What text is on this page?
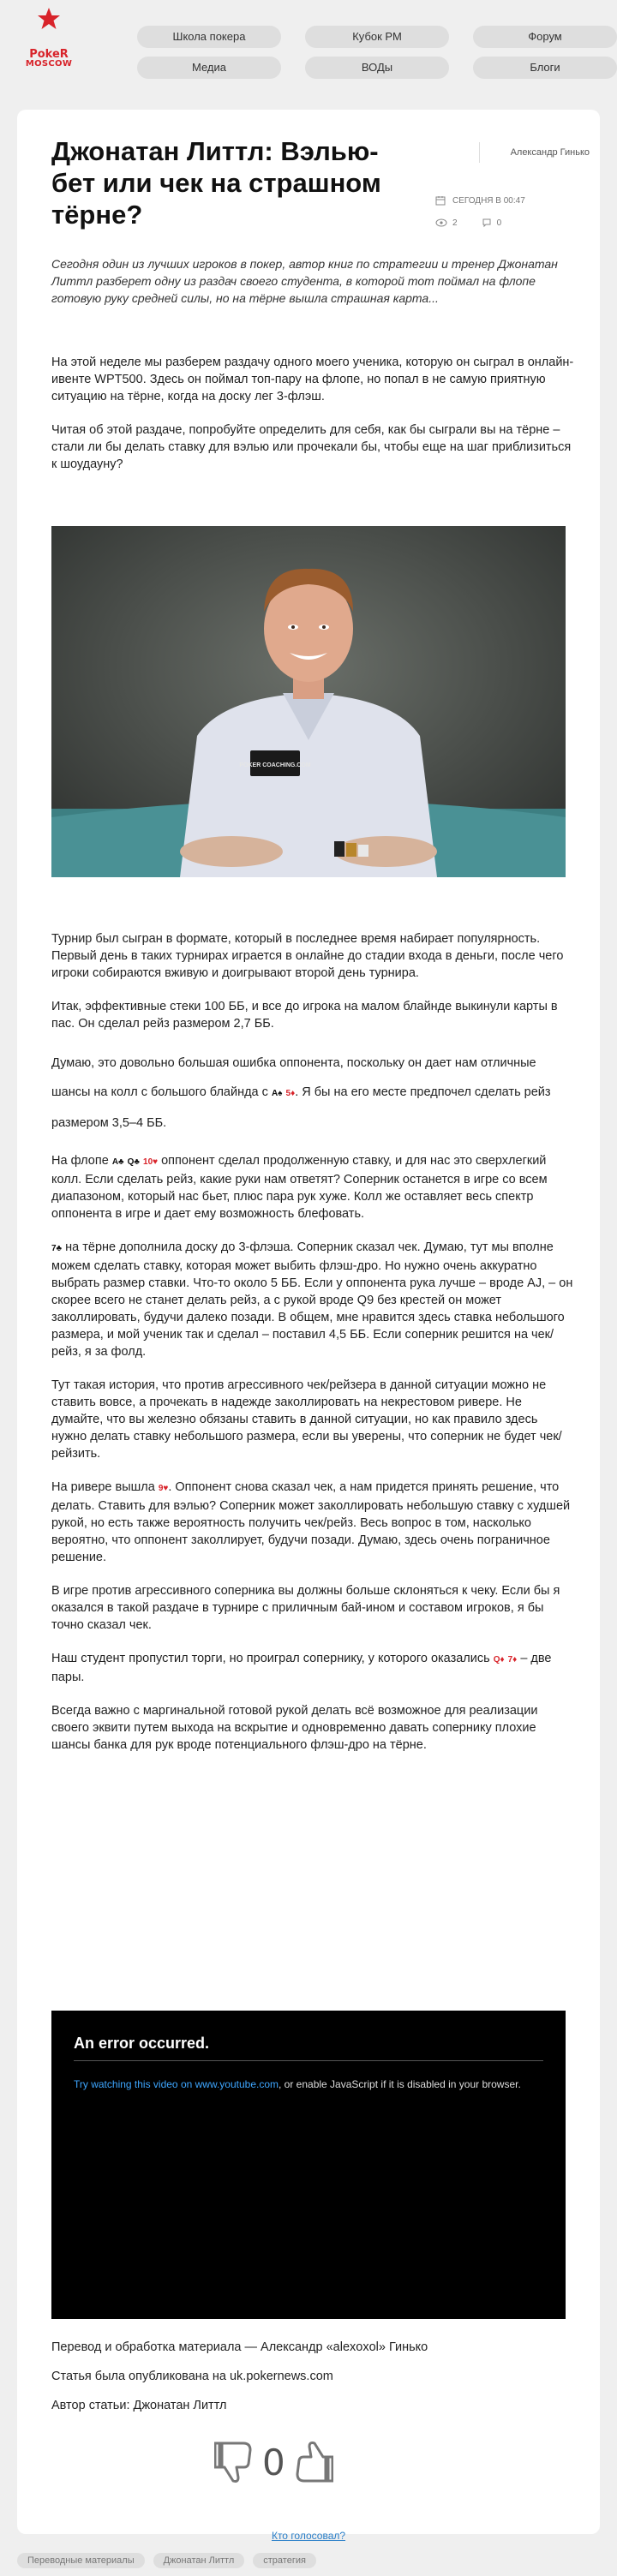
PokeR
MOSCOW
Школа покера	Кубок РМ	Форум
Медиа	ВОДы	Блоги
Джонатан Литтл: Вэлью-бет или чек на страшном тёрне?
Александр Гинько
СЕГОДНЯ В 00:47
2	0

Сегодня один из лучших игроков в покер, автор книг по стратегии и тренер Джонатан Литтл разберет одну из раздач своего студента, в которой тот поймал на флопе готовую руку средней силы, но на тёрне вышла страшная карта...

На этой неделе мы разберем раздачу одного моего ученика, которую он сыграл в онлайн-ивенте WPT500. Здесь он поймал топ-пару на флопе, но попал в не самую приятную ситуацию на тёрне, когда на доску лег 3-флэш.

Читая об этой раздаче, попробуйте определить для себя, как бы сыграли вы на тёрне – стали ли бы делать ставку для вэлью или прочекали бы, чтобы еще на шаг приблизиться к шоудауну?

POKER COACHING.COM

Турнир был сыгран в формате, который в последнее время набирает популярность. Первый день в таких турнирах играется в онлайне до стадии входа в деньги, после чего игроки собираются вживую и доигрывают второй день турнира.

Итак, эффективные стеки 100 ББ, и все до игрока на малом блайнде выкинули карты в пас. Он сделал рейз размером 2,7 ББ.

Думаю, это довольно большая ошибка оппонента, поскольку он дает нам отличные шансы на колл с большого блайнда с A♠ 5♦. Я бы на его месте предпочел сделать рейз размером 3,5–4 ББ.

На флопе A♣ Q♣ 10♥ оппонент сделал продолженную ставку, и для нас это сверхлегкий колл. Если сделать рейз, какие руки нам ответят? Соперник останется в игре со всем диапазоном, который нас бьет, плюс пара рук хуже. Колл же оставляет весь спектр оппонента в игре и дает ему возможность блефовать.

7♣ на тёрне дополнила доску до 3-флэша. Соперник сказал чек. Думаю, тут мы вполне можем сделать ставку, которая может выбить флэш-дро. Но нужно очень аккуратно выбрать размер ставки. Что-то около 5 ББ. Если у оппонента рука лучше – вроде AJ, – он скорее всего не станет делать рейз, а с рукой вроде Q9 без крестей он может заколлировать, будучи далеко позади. В общем, мне нравится здесь ставка небольшого размера, и мой ученик так и сделал – поставил 4,5 ББ. Если соперник решится на чек/рейз, я за фолд.

Тут такая история, что против агрессивного чек/рейзера в данной ситуации можно не ставить вовсе, а прочекать в надежде заколлировать на некрестовом ривере. Не думайте, что вы железно обязаны ставить в данной ситуации, но как правило здесь нужно делать ставку небольшого размера, если вы уверены, что соперник не будет чек/рейзить.

На ривере вышла 9♥. Оппонент снова сказал чек, а нам придется принять решение, что делать. Ставить для вэлью? Соперник может заколлировать небольшую ставку с худшей рукой, но есть также вероятность получить чек/рейз. Весь вопрос в том, насколько вероятно, что оппонент заколлирует, будучи позади. Думаю, здесь очень пограничное решение.

В игре против агрессивного соперника вы должны больше склоняться к чеку. Если бы я оказался в такой раздаче в турнире с приличным бай-ином и составом игроков, я бы точно сказал чек.

Наш студент пропустил торги, но проиграл сопернику, у которого оказались Q♦ 7♦ – две пары.

Всегда важно с маргинальной готовой рукой делать всё возможное для реализации своего эквити путем выхода на вскрытие и одновременно давать сопернику плохие шансы банка для рук вроде потенциального флэш-дро на тёрне.

An error occurred.
Try watching this video on www.youtube.com, or enable JavaScript if it is disabled in your browser.

Перевод и обработка материала — Александр «alexoxol» Гинько

Статья была опубликована на uk.pokernews.com

Автор статьи: Джонатан Литтл

0
Кто голосовал?
Переводные материалы	Джонатан Литтл	стратегия
